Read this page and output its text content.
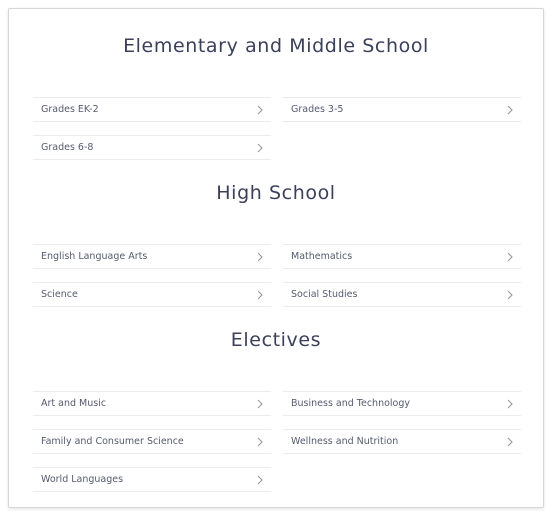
Elementary and Middle School
Grades EK-2	Grades 3-5
Grades 6-8
High School
English Language Arts	Mathematics
Science	Social Studies
Electives
Art and Music	Business and Technology
Family and Consumer Science	Wellness and Nutrition
World Languages
